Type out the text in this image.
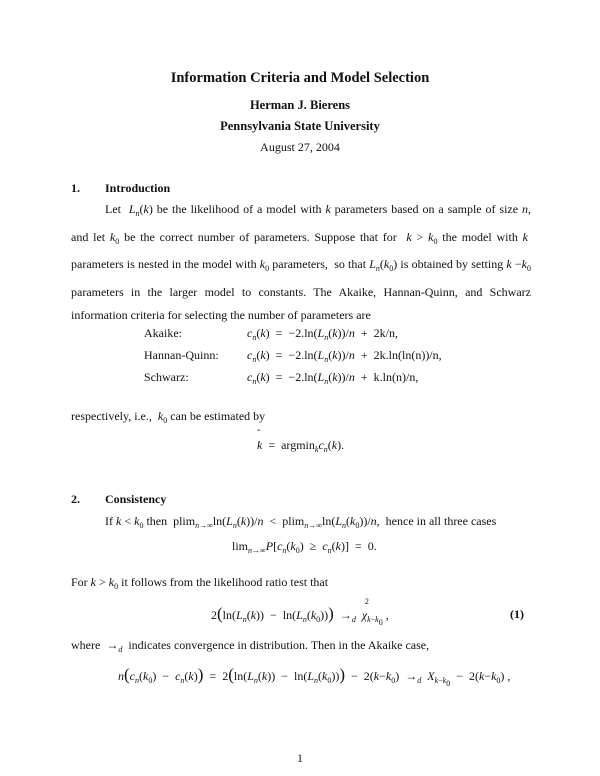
Information Criteria and Model Selection
Herman J. Bierens
Pennsylvania State University
August 27, 2004
1. Introduction
Let  $L_n(k)$ be the likelihood of a model with k parameters based on a sample of size n, and let $k_0$ be the correct number of parameters. Suppose that for  $k > k_0$ the model with k  parameters is nested in the model with $k_0$ parameters,  so that $L_n(k_0)$ is obtained by setting $k -k_0$ parameters in the larger model to constants. The Akaike, Hannan-Quinn, and Schwarz information criteria for selecting the number of parameters are
Akaike:	$c_n(k) = -2.\ln(L_n(k))/n + 2k/n$,
Hannan-Quinn: $c_n(k) = -2.\ln(L_n(k))/n + 2k.\ln(\ln(n))/n$,
Schwarz:	$c_n(k) = -2.\ln(L_n(k))/n + k.\ln(n)/n$,
respectively, i.e., $k_0$ can be estimated by
k
ˆ
=  $argmin_kc_n(k)$.
2. Consistency
If $k < k_0$ then  $plim_{n\to\infty}\ln(L_n(k))/n < plim_{n\to\infty}\ln(L_n(k_0))/n$,  hence in all three cases
$\lim_{n\to\infty}P[c_n(k_0) \ge c_n(k)] = 0$.
For $k > k_0$ it follows from the likelihood ratio test that
$2(\ln(L_n(k)) - \ln(L_n(k_0))) \to_d$ χ
2
$_{k-k_0}$ ,	(1)
where  $\to_d$ indicates convergence in distribution. Then in the Akaike case,
$n(c_n(k_0) - c_n(k)) = 2(\ln(L_n(k)) - \ln(L_n(k_0))) - 2(k-k_0) \to_d$ $X_{k-k_0} - 2(k-k_0)$ ,
1
